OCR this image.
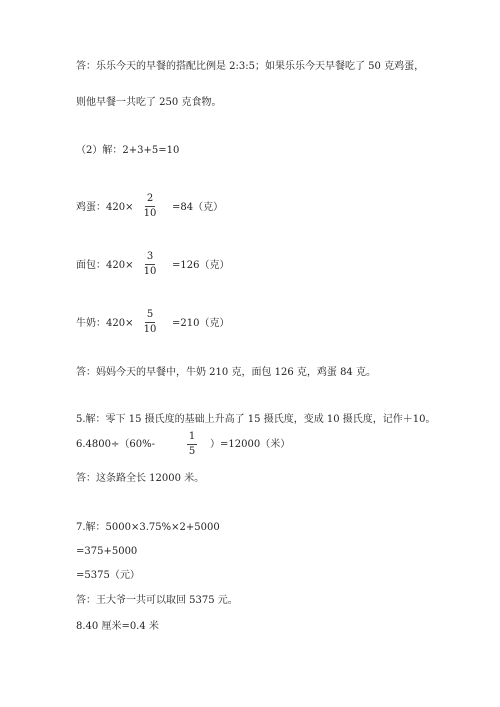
答：乐乐今天的早餐的搭配比例是 2:3:5；如果乐乐今天早餐吃了 50 克鸡蛋，
则他早餐一共吃了 250 克食物。
（2）解：2+3+5=10
鸡蛋：420×
2
10
=84（克）
面包：420×
3
10
=126（克）
牛奶：420×
5
10
=210（克）
答：妈妈今天的早餐中，牛奶 210 克，面包 126 克，鸡蛋 84 克。
5.解：零下 15 摄氏度的基础上升高了 15 摄氏度，变成 10 摄氏度，记作＋10。
6.4800÷（60%-
1
5
）=12000（米）
答：这条路全长 12000 米。
7.解：5000×3.75%×2+5000
=375+5000
=5375（元）
答：王大爷一共可以取回 5375 元。
8.40 厘米=0.4 米
